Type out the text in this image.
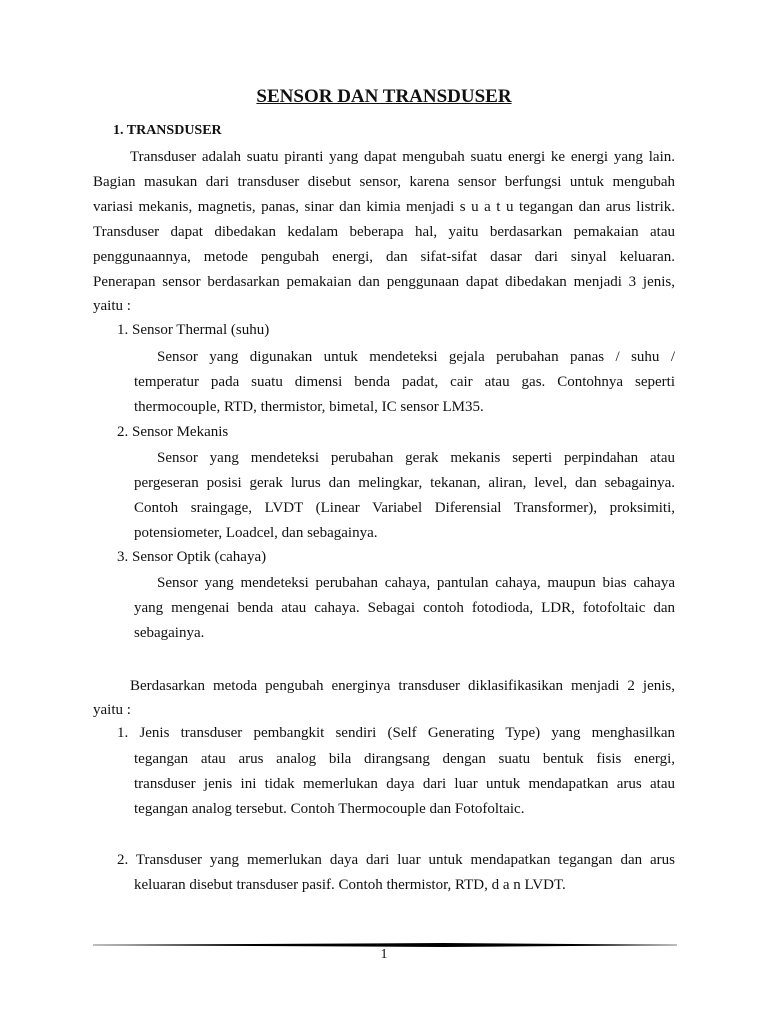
SENSOR DAN TRANSDUSER
1. TRANSDUSER
Transduser adalah suatu piranti yang dapat mengubah suatu energi ke energi yang lain.
Bagian masukan dari transduser disebut sensor, karena sensor berfungsi untuk mengubah
variasi mekanis, magnetis, panas, sinar dan kimia menjadi s u a t u tegangan dan arus listrik.
Transduser dapat dibedakan kedalam beberapa hal, yaitu berdasarkan pemakaian atau
penggunaannya, metode pengubah energi, dan sifat-sifat dasar dari sinyal keluaran.
Penerapan sensor berdasarkan pemakaian dan penggunaan dapat dibedakan menjadi 3 jenis,
yaitu :
1. Sensor Thermal (suhu)
Sensor yang digunakan untuk mendeteksi gejala perubahan panas / suhu /
temperatur pada suatu dimensi benda padat, cair atau gas. Contohnya seperti
thermocouple, RTD, thermistor, bimetal, IC sensor LM35.
2. Sensor Mekanis
Sensor yang mendeteksi perubahan gerak mekanis seperti perpindahan atau
pergeseran posisi gerak lurus dan melingkar, tekanan, aliran, level, dan sebagainya.
Contoh sraingage, LVDT (Linear Variabel Diferensial Transformer), proksimiti,
potensiometer, Loadcel, dan sebagainya.
3. Sensor Optik (cahaya)
Sensor yang mendeteksi perubahan cahaya, pantulan cahaya, maupun bias cahaya
yang mengenai benda atau cahaya. Sebagai contoh fotodioda, LDR, fotofoltaic dan
sebagainya.
Berdasarkan metoda pengubah energinya transduser diklasifikasikan menjadi 2 jenis,
yaitu :
1. Jenis transduser pembangkit sendiri (Self Generating Type) yang menghasilkan
tegangan atau arus analog bila dirangsang dengan suatu bentuk fisis energi,
transduser jenis ini tidak memerlukan daya dari luar untuk mendapatkan arus atau
tegangan analog tersebut. Contoh Thermocouple dan Fotofoltaic.
2. Transduser yang memerlukan daya dari luar untuk mendapatkan tegangan dan arus
keluaran disebut transduser pasif. Contoh thermistor, RTD, d a n LVDT.
1
